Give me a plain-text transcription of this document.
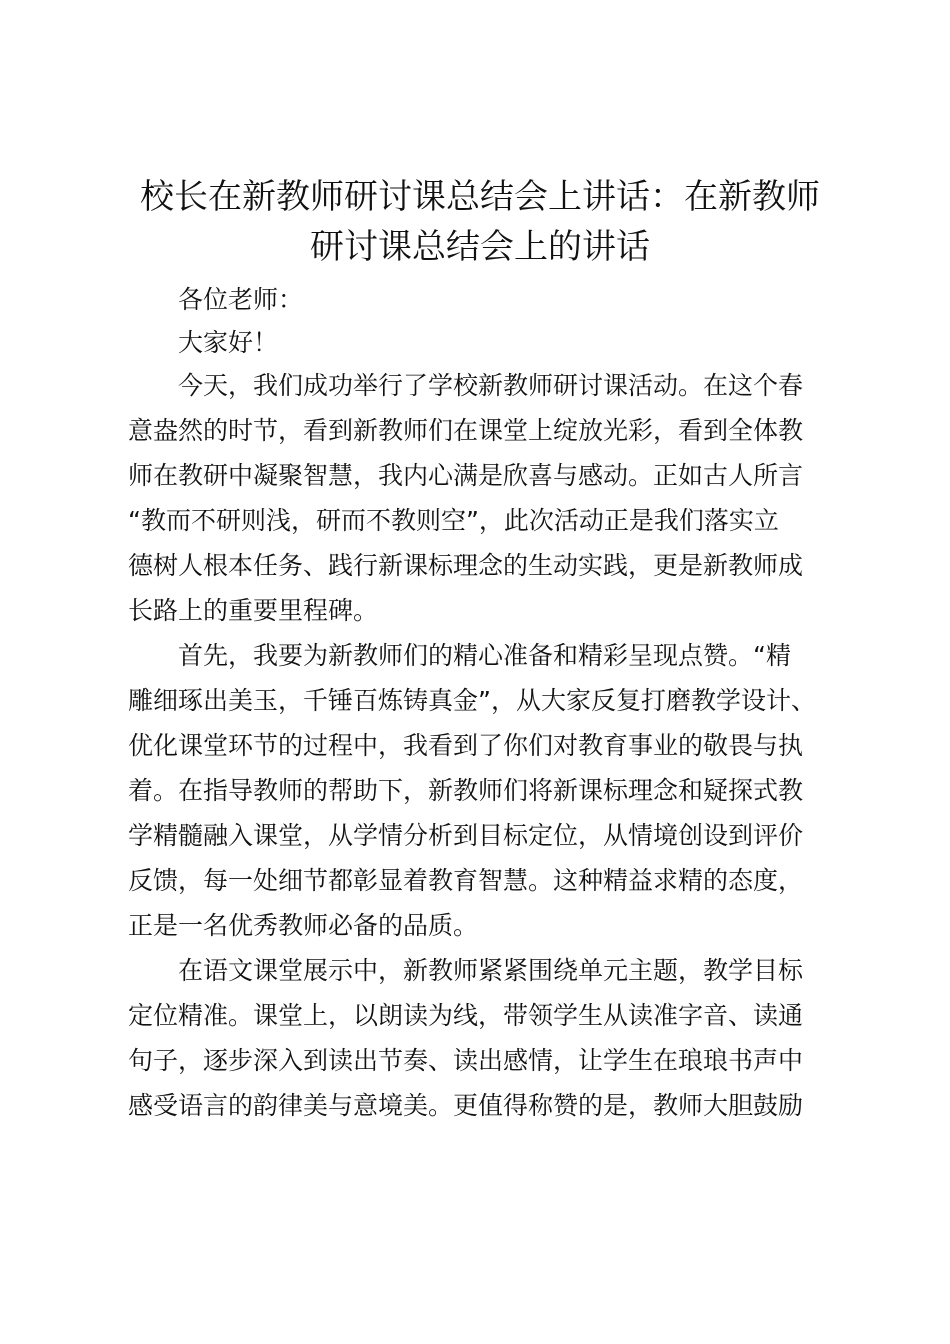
校长在新教师研讨课总结会上讲话：在新教师
研讨课总结会上的讲话
各位老师：
大家好！
今天，我们成功举行了学校新教师研讨课活动。在这个春
意盎然的时节，看到新教师们在课堂上绽放光彩，看到全体教
师在教研中凝聚智慧，我内心满是欣喜与感动。正如古人所言
“教而不研则浅，研而不教则空”，此次活动正是我们落实立
德树人根本任务、践行新课标理念的生动实践，更是新教师成
长路上的重要里程碑。
首先，我要为新教师们的精心准备和精彩呈现点赞。“精
雕细琢出美玉，千锤百炼铸真金”，从大家反复打磨教学设计、
优化课堂环节的过程中，我看到了你们对教育事业的敬畏与执
着。在指导教师的帮助下，新教师们将新课标理念和疑探式教
学精髓融入课堂，从学情分析到目标定位，从情境创设到评价
反馈，每一处细节都彰显着教育智慧。这种精益求精的态度，
正是一名优秀教师必备的品质。
在语文课堂展示中，新教师紧紧围绕单元主题，教学目标
定位精准。课堂上，以朗读为线，带领学生从读准字音、读通
句子，逐步深入到读出节奏、读出感情，让学生在琅琅书声中
感受语言的韵律美与意境美。更值得称赞的是，教师大胆鼓励
